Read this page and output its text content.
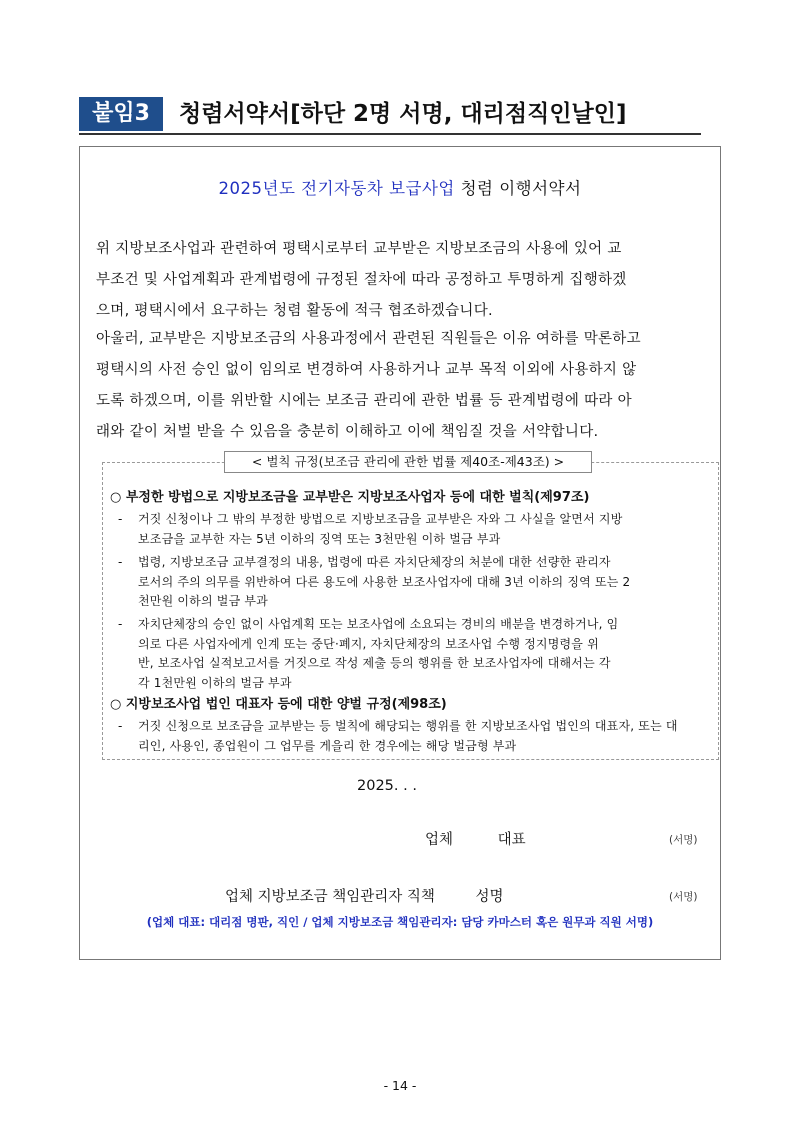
붙임3	청렴서약서[하단 2명 서명, 대리점직인날인]
2025년도 전기자동차 보급사업 청렴 이행서약서
위 지방보조사업과 관련하여 평택시로부터 교부받은 지방보조금의 사용에 있어 교
부조건 및 사업계획과 관계법령에 규정된 절차에 따라 공정하고 투명하게 집행하겠
으며, 평택시에서 요구하는 청렴 활동에 적극 협조하겠습니다.
아울러, 교부받은 지방보조금의 사용과정에서 관련된 직원들은 이유 여하를 막론하고
평택시의 사전 승인 없이 임의로 변경하여 사용하거나 교부 목적 이외에 사용하지 않
도록 하겠으며, 이를 위반할 시에는 보조금 관리에 관한 법률 등 관계법령에 따라 아
래와 같이 처벌 받을 수 있음을 충분히 이해하고 이에 책임질 것을 서약합니다.
< 벌칙 규정(보조금 관리에 관한 법률 제40조-제43조) >
○ 부정한 방법으로 지방보조금을 교부받은 지방보조사업자 등에 대한 벌칙(제97조)
- 거짓 신청이나 그 밖의 부정한 방법으로 지방보조금을 교부받은 자와 그 사실을 알면서 지방
보조금을 교부한 자는 5년 이하의 징역 또는 3천만원 이하 벌금 부과
- 법령, 지방보조금 교부결정의 내용, 법령에 따른 자치단체장의 처분에 대한 선량한 관리자
로서의 주의 의무를 위반하여 다른 용도에 사용한 보조사업자에 대해 3년 이하의 징역 또는 2
천만원 이하의 벌금 부과
- 자치단체장의 승인 없이 사업계획 또는 보조사업에 소요되는 경비의 배분을 변경하거나, 임
의로 다른 사업자에게 인계 또는 중단·폐지, 자치단체장의 보조사업 수행 정지명령을 위
반, 보조사업 실적보고서를 거짓으로 작성 제출 등의 행위를 한 보조사업자에 대해서는 각
각 1천만원 이하의 벌금 부과
○ 지방보조사업 법인 대표자 등에 대한 양벌 규정(제98조)
- 거짓 신청으로 보조금을 교부받는 등 벌칙에 해당되는 행위를 한 지방보조사업 법인의 대표자, 또는 대
리인, 사용인, 종업원이 그 업무를 게을리 한 경우에는 해당 벌금형 부과
2025. . .
업체	대표	(서명)
업체 지방보조금 책임관리자 직책	성명	(서명)
(업체 대표: 대리점 명판, 직인 / 업체 지방보조금 책임관리자: 담당 카마스터 혹은 원무과 직원 서명)
- 14 -
